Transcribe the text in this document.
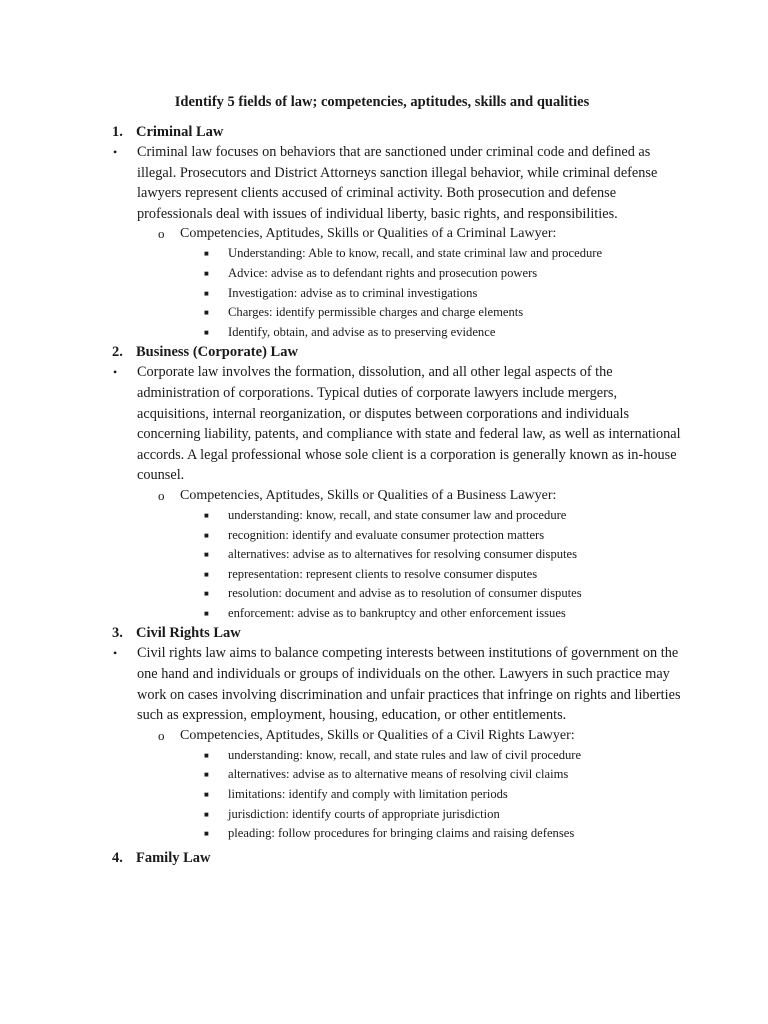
Identify 5 fields of law; competencies, aptitudes, skills and qualities
1. Criminal Law
•	Criminal law focuses on behaviors that are sanctioned under criminal code and defined as illegal. Prosecutors and District Attorneys sanction illegal behavior, while criminal defense lawyers represent clients accused of criminal activity. Both prosecution and defense professionals deal with issues of individual liberty, basic rights, and responsibilities.
o	Competencies, Aptitudes, Skills or Qualities of a Criminal Lawyer:
■	Understanding: Able to know, recall, and state criminal law and procedure
■	Advice: advise as to defendant rights and prosecution powers
■	Investigation: advise as to criminal investigations
■	Charges: identify permissible charges and charge elements
■	Identify, obtain, and advise as to preserving evidence
2. Business (Corporate) Law
•	Corporate law involves the formation, dissolution, and all other legal aspects of the administration of corporations. Typical duties of corporate lawyers include mergers, acquisitions, internal reorganization, or disputes between corporations and individuals concerning liability, patents, and compliance with state and federal law, as well as international accords. A legal professional whose sole client is a corporation is generally known as in-house counsel.
o	Competencies, Aptitudes, Skills or Qualities of a Business Lawyer:
■	understanding: know, recall, and state consumer law and procedure
■	recognition: identify and evaluate consumer protection matters
■	alternatives: advise as to alternatives for resolving consumer disputes
■	representation: represent clients to resolve consumer disputes
■	resolution: document and advise as to resolution of consumer disputes
■	enforcement: advise as to bankruptcy and other enforcement issues
3. Civil Rights Law
•	Civil rights law aims to balance competing interests between institutions of government on the one hand and individuals or groups of individuals on the other. Lawyers in such practice may work on cases involving discrimination and unfair practices that infringe on rights and liberties such as expression, employment, housing, education, or other entitlements.
o	Competencies, Aptitudes, Skills or Qualities of a Civil Rights Lawyer:
■	understanding: know, recall, and state rules and law of civil procedure
■	alternatives: advise as to alternative means of resolving civil claims
■	limitations: identify and comply with limitation periods
■	jurisdiction: identify courts of appropriate jurisdiction
■	pleading: follow procedures for bringing claims and raising defenses
4. Family Law
